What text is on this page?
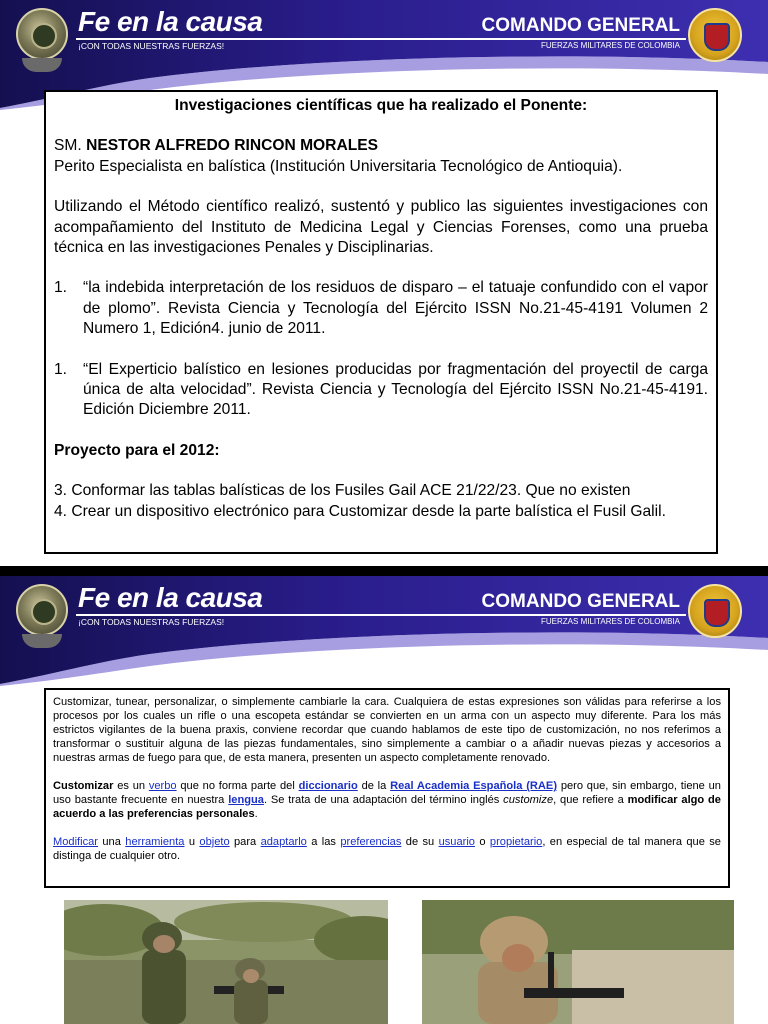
Fe en la causa
¡CON TODAS NUESTRAS FUERZAS!
COMANDO GENERAL
FUERZAS MILITARES DE COLOMBIA

Investigaciones científicas que ha realizado el Ponente:

SM. NESTOR ALFREDO RINCON MORALES

Perito Especialista en balística (Institución Universitaria Tecnológico de Antioquia).

Utilizando el Método científico realizó, sustentó y publico las siguientes investigaciones con acompañamiento del Instituto de Medicina Legal y Ciencias Forenses, como una prueba técnica en las investigaciones Penales y Disciplinarias.

1.	“la indebida interpretación de los residuos de disparo – el tatuaje confundido con el vapor de plomo”. Revista Ciencia y Tecnología del Ejército ISSN No.21-45-4191 Volumen 2 Numero 1, Edición4. junio de 2011.
1.	“El Experticio balístico en lesiones producidas por fragmentación del proyectil de carga única de alta velocidad”. Revista Ciencia y Tecnología del Ejército ISSN No.21-45-4191. Edición Diciembre 2011.

Proyecto para el 2012:

3. Conformar las tablas balísticas de los Fusiles Gail ACE 21/22/23. Que no existen

4. Crear un dispositivo electrónico para Customizar desde la parte balística el Fusil Galil.

Fe en la causa
¡CON TODAS NUESTRAS FUERZAS!
COMANDO GENERAL
FUERZAS MILITARES DE COLOMBIA

Customizar, tunear, personalizar, o simplemente cambiarle la cara. Cualquiera de estas expresiones son válidas para referirse a los procesos por los cuales un rifle o una escopeta estándar se convierten en un arma con un aspecto muy diferente. Para los más estrictos vigilantes de la buena praxis, conviene recordar que cuando hablamos de este tipo de customización, no nos referimos a transformar o sustituir alguna de las piezas fundamentales, sino simplemente a cambiar o a añadir nuevas piezas y accesorios a nuestras armas de fuego para que, de esta manera, presenten un aspecto completamente renovado.

Customizar es un verbo que no forma parte del diccionario de la Real Academia Española (RAE) pero que, sin embargo, tiene un uso bastante frecuente en nuestra lengua. Se trata de una adaptación del término inglés customize, que refiere a modificar algo de acuerdo a las preferencias personales.

Modificar una herramienta u objeto para adaptarlo a las preferencias de su usuario o propietario, en especial de tal manera que se distinga de cualquier otro.
